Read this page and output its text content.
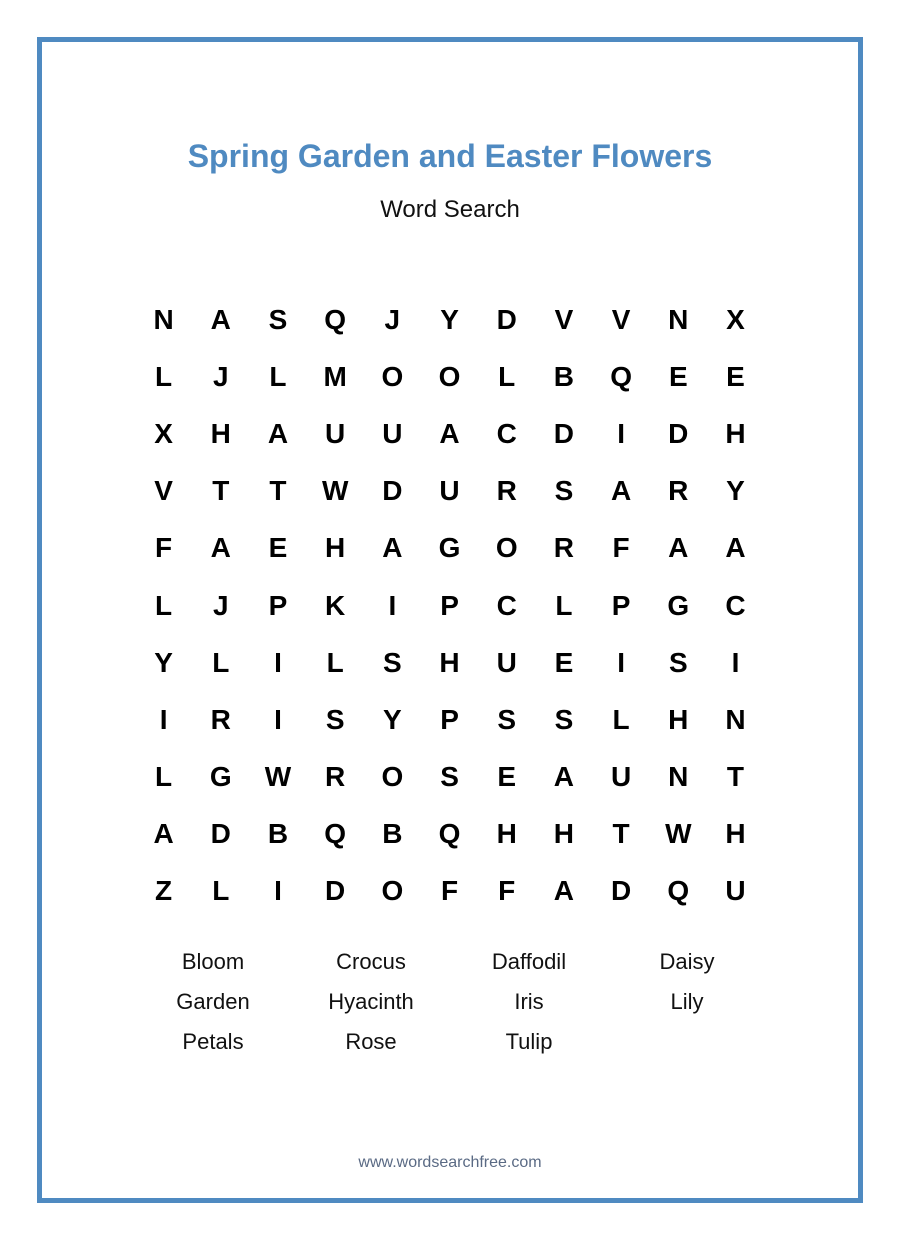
Spring Garden and Easter Flowers
Word Search
N	A	S	Q	J	Y	D	V	V	N	X
L	J	L	M	O	O	L	B	Q	E	E
X	H	A	U	U	A	C	D	I	D	H
V	T	T	W	D	U	R	S	A	R	Y
F	A	E	H	A	G	O	R	F	A	A
L	J	P	K	I	P	C	L	P	G	C
Y	L	I	L	S	H	U	E	I	S	I
I	R	I	S	Y	P	S	S	L	H	N
L	G	W	R	O	S	E	A	U	N	T
A	D	B	Q	B	Q	H	H	T	W	H
Z	L	I	D	O	F	F	A	D	Q	U
Bloom	Crocus	Daffodil	Daisy
Garden	Hyacinth	Iris	Lily
Petals	Rose	Tulip
www.wordsearchfree.com
